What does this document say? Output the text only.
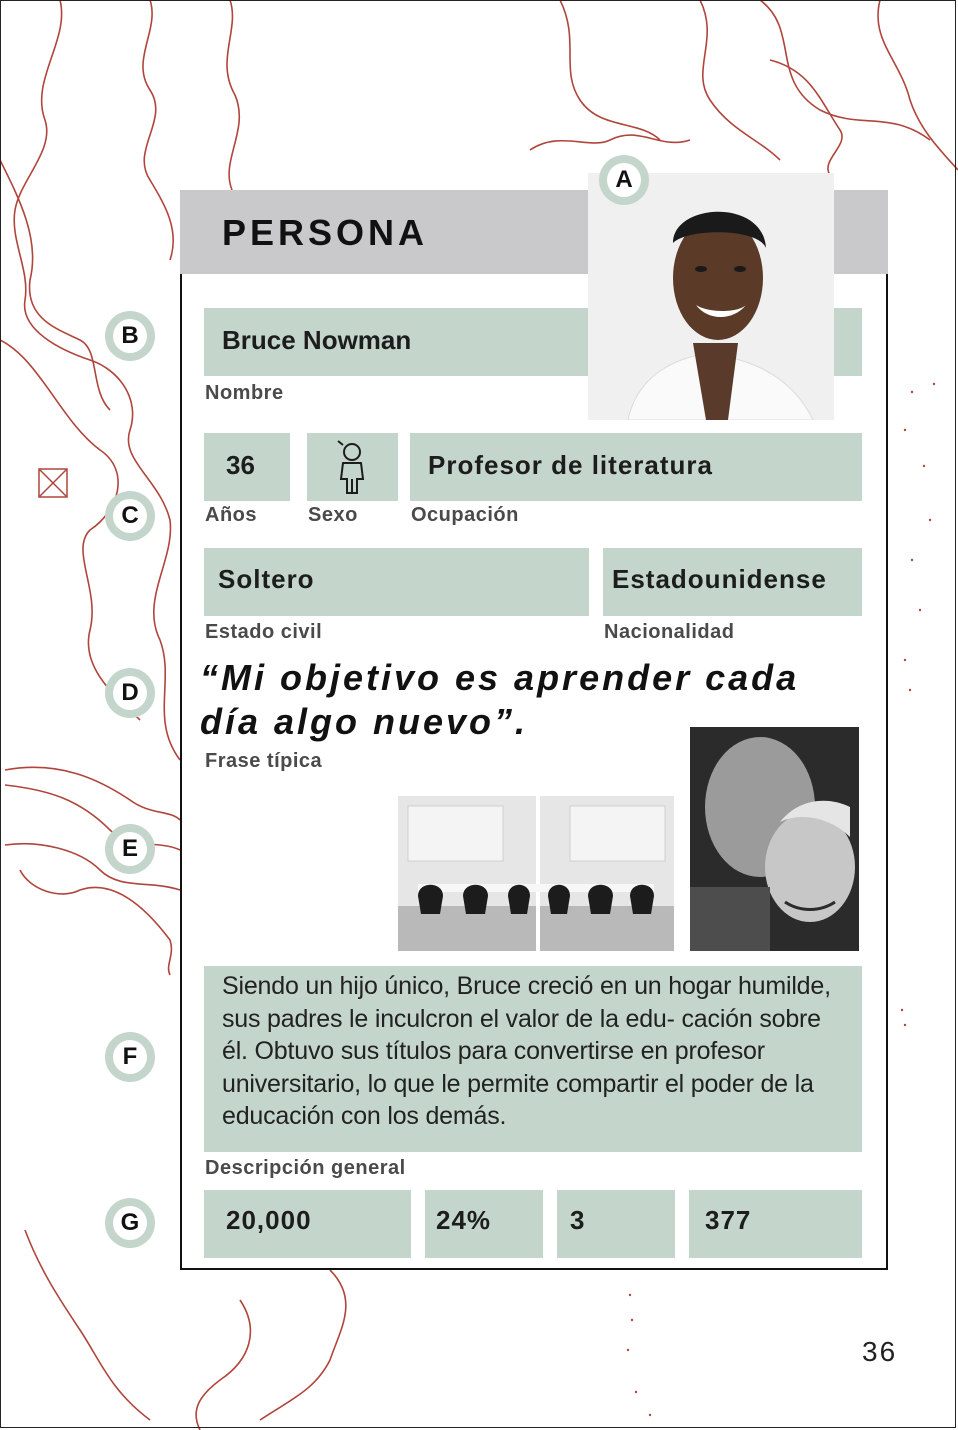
PERSONA
Bruce Nowman
Nombre
A
36
Años	Sexo
Profesor de literatura
Ocupación
Soltero
Estado civil
Estadounidense
Nacionalidad
“Mi objetivo es aprender cada día algo nuevo”.
Frase típica
Siendo un hijo único, Bruce creció en un hogar humilde, sus padres le inculcron el valor de la edu- cación sobre él. Obtuvo sus títulos para convertirse en profesor universitario, lo que le permite compartir el poder de la educación con los demás.
Descripción general
20,000	24%	3	377
B
C
D
E
F
G
36
